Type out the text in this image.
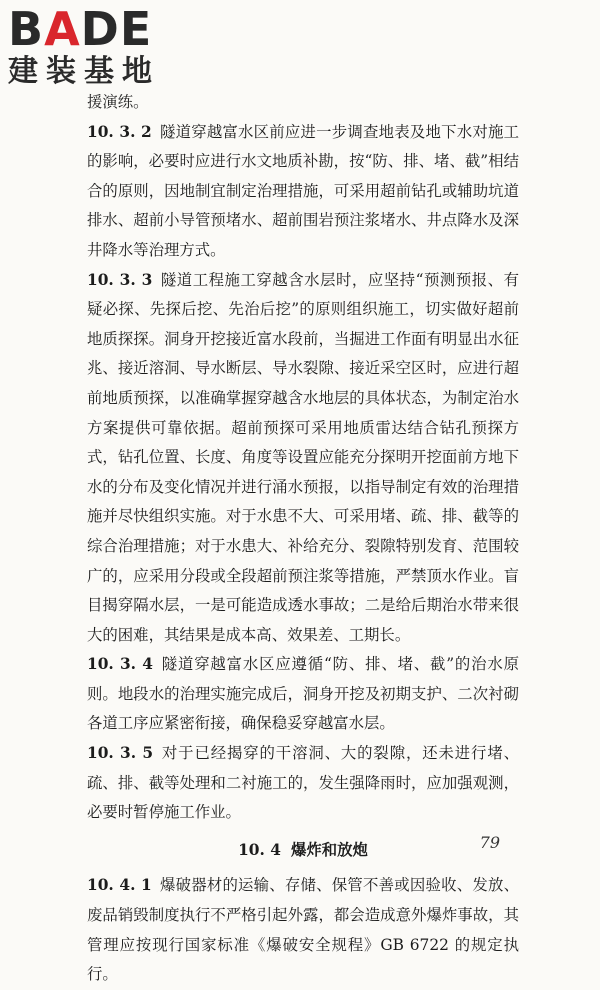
BADE
建装基地

援演练。

10. 3. 2 隧道穿越富水区前应进一步调查地表及地下水对施工的影响，必要时应进行水文地质补勘，按“防、排、堵、截”相结合的原则，因地制宜制定治理措施，可采用超前钻孔或辅助坑道排水、超前小导管预堵水、超前围岩预注浆堵水、井点降水及深井降水等治理方式。

10. 3. 3 隧道工程施工穿越含水层时，应坚持“预测预报、有疑必探、先探后挖、先治后挖”的原则组织施工，切实做好超前地质探探。洞身开挖接近富水段前，当掘进工作面有明显出水征兆、接近溶洞、导水断层、导水裂隙、接近采空区时，应进行超前地质预探，以准确掌握穿越含水地层的具体状态，为制定治水方案提供可靠依据。超前预探可采用地质雷达结合钻孔预探方式，钻孔位置、长度、角度等设置应能充分探明开挖面前方地下水的分布及变化情况并进行涌水预报，以指导制定有效的治理措施并尽快组织实施。对于水患不大、可采用堵、疏、排、截等的综合治理措施；对于水患大、补给充分、裂隙特别发育、范围较广的，应采用分段或全段超前预注浆等措施，严禁顶水作业。盲目揭穿隔水层，一是可能造成透水事故；二是给后期治水带来很大的困难，其结果是成本高、效果差、工期长。

10. 3. 4 隧道穿越富水区应遵循“防、排、堵、截”的治水原则。地段水的治理实施完成后，洞身开挖及初期支护、二次衬砌各道工序应紧密衔接，确保稳妥穿越富水层。

10. 3. 5 对于已经揭穿的干溶洞、大的裂隙，还未进行堵、疏、排、截等处理和二衬施工的，发生强降雨时，应加强观测，必要时暂停施工作业。

10. 4 爆炸和放炮

10. 4. 1 爆破器材的运输、存储、保管不善或因验收、发放、废品销毁制度执行不严格引起外露，都会造成意外爆炸事故，其管理应按现行国家标准《爆破安全规程》GB 6722 的规定执行。

79
